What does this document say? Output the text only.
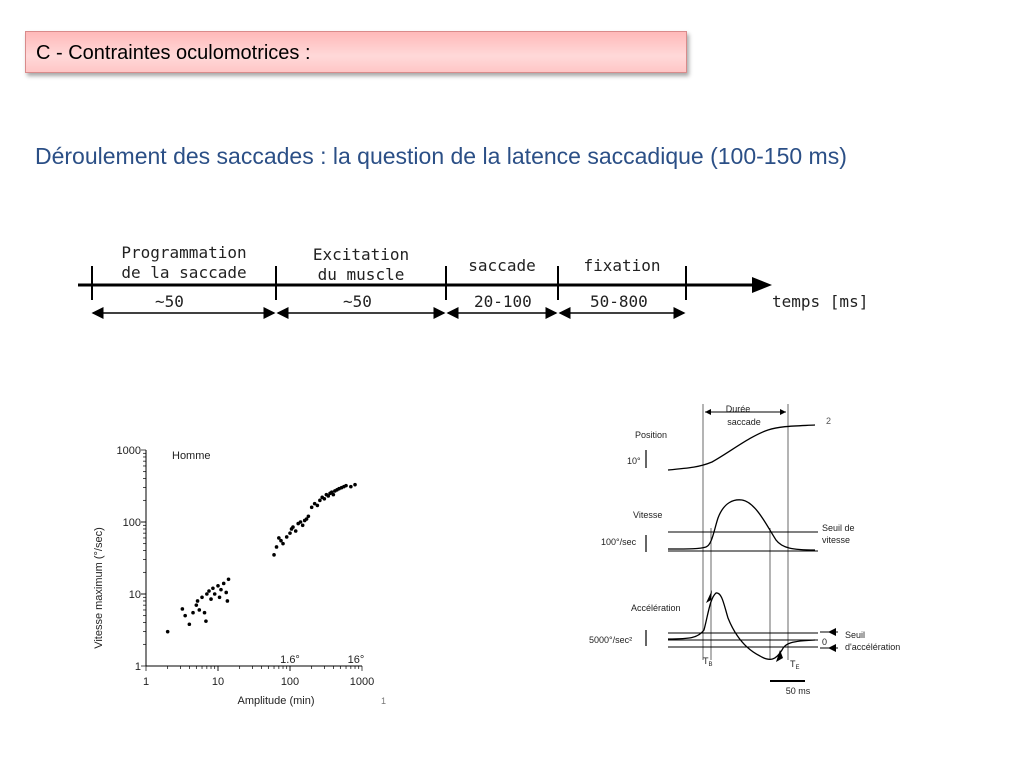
C - Contraintes oculomotrices :
Déroulement des saccades : la question de la latence saccadique (100-150 ms)
Programmation
de la saccade
Excitation
du muscle	saccade	fixation
~50	~50	20-100	50-800	temps [ms]
1	10	100	1000
1
10
100
1000	Homme
1.6°	16°
Amplitude (min)
Vitesse maximum (°/sec)
1
Durée
saccade	2
Position
10°
Vitesse
100°/sec
Seuil de
vitesse
Accélération
5000°/sec²	0
Seuil
d'accélération
$T_B$	$T_E$
50 ms
